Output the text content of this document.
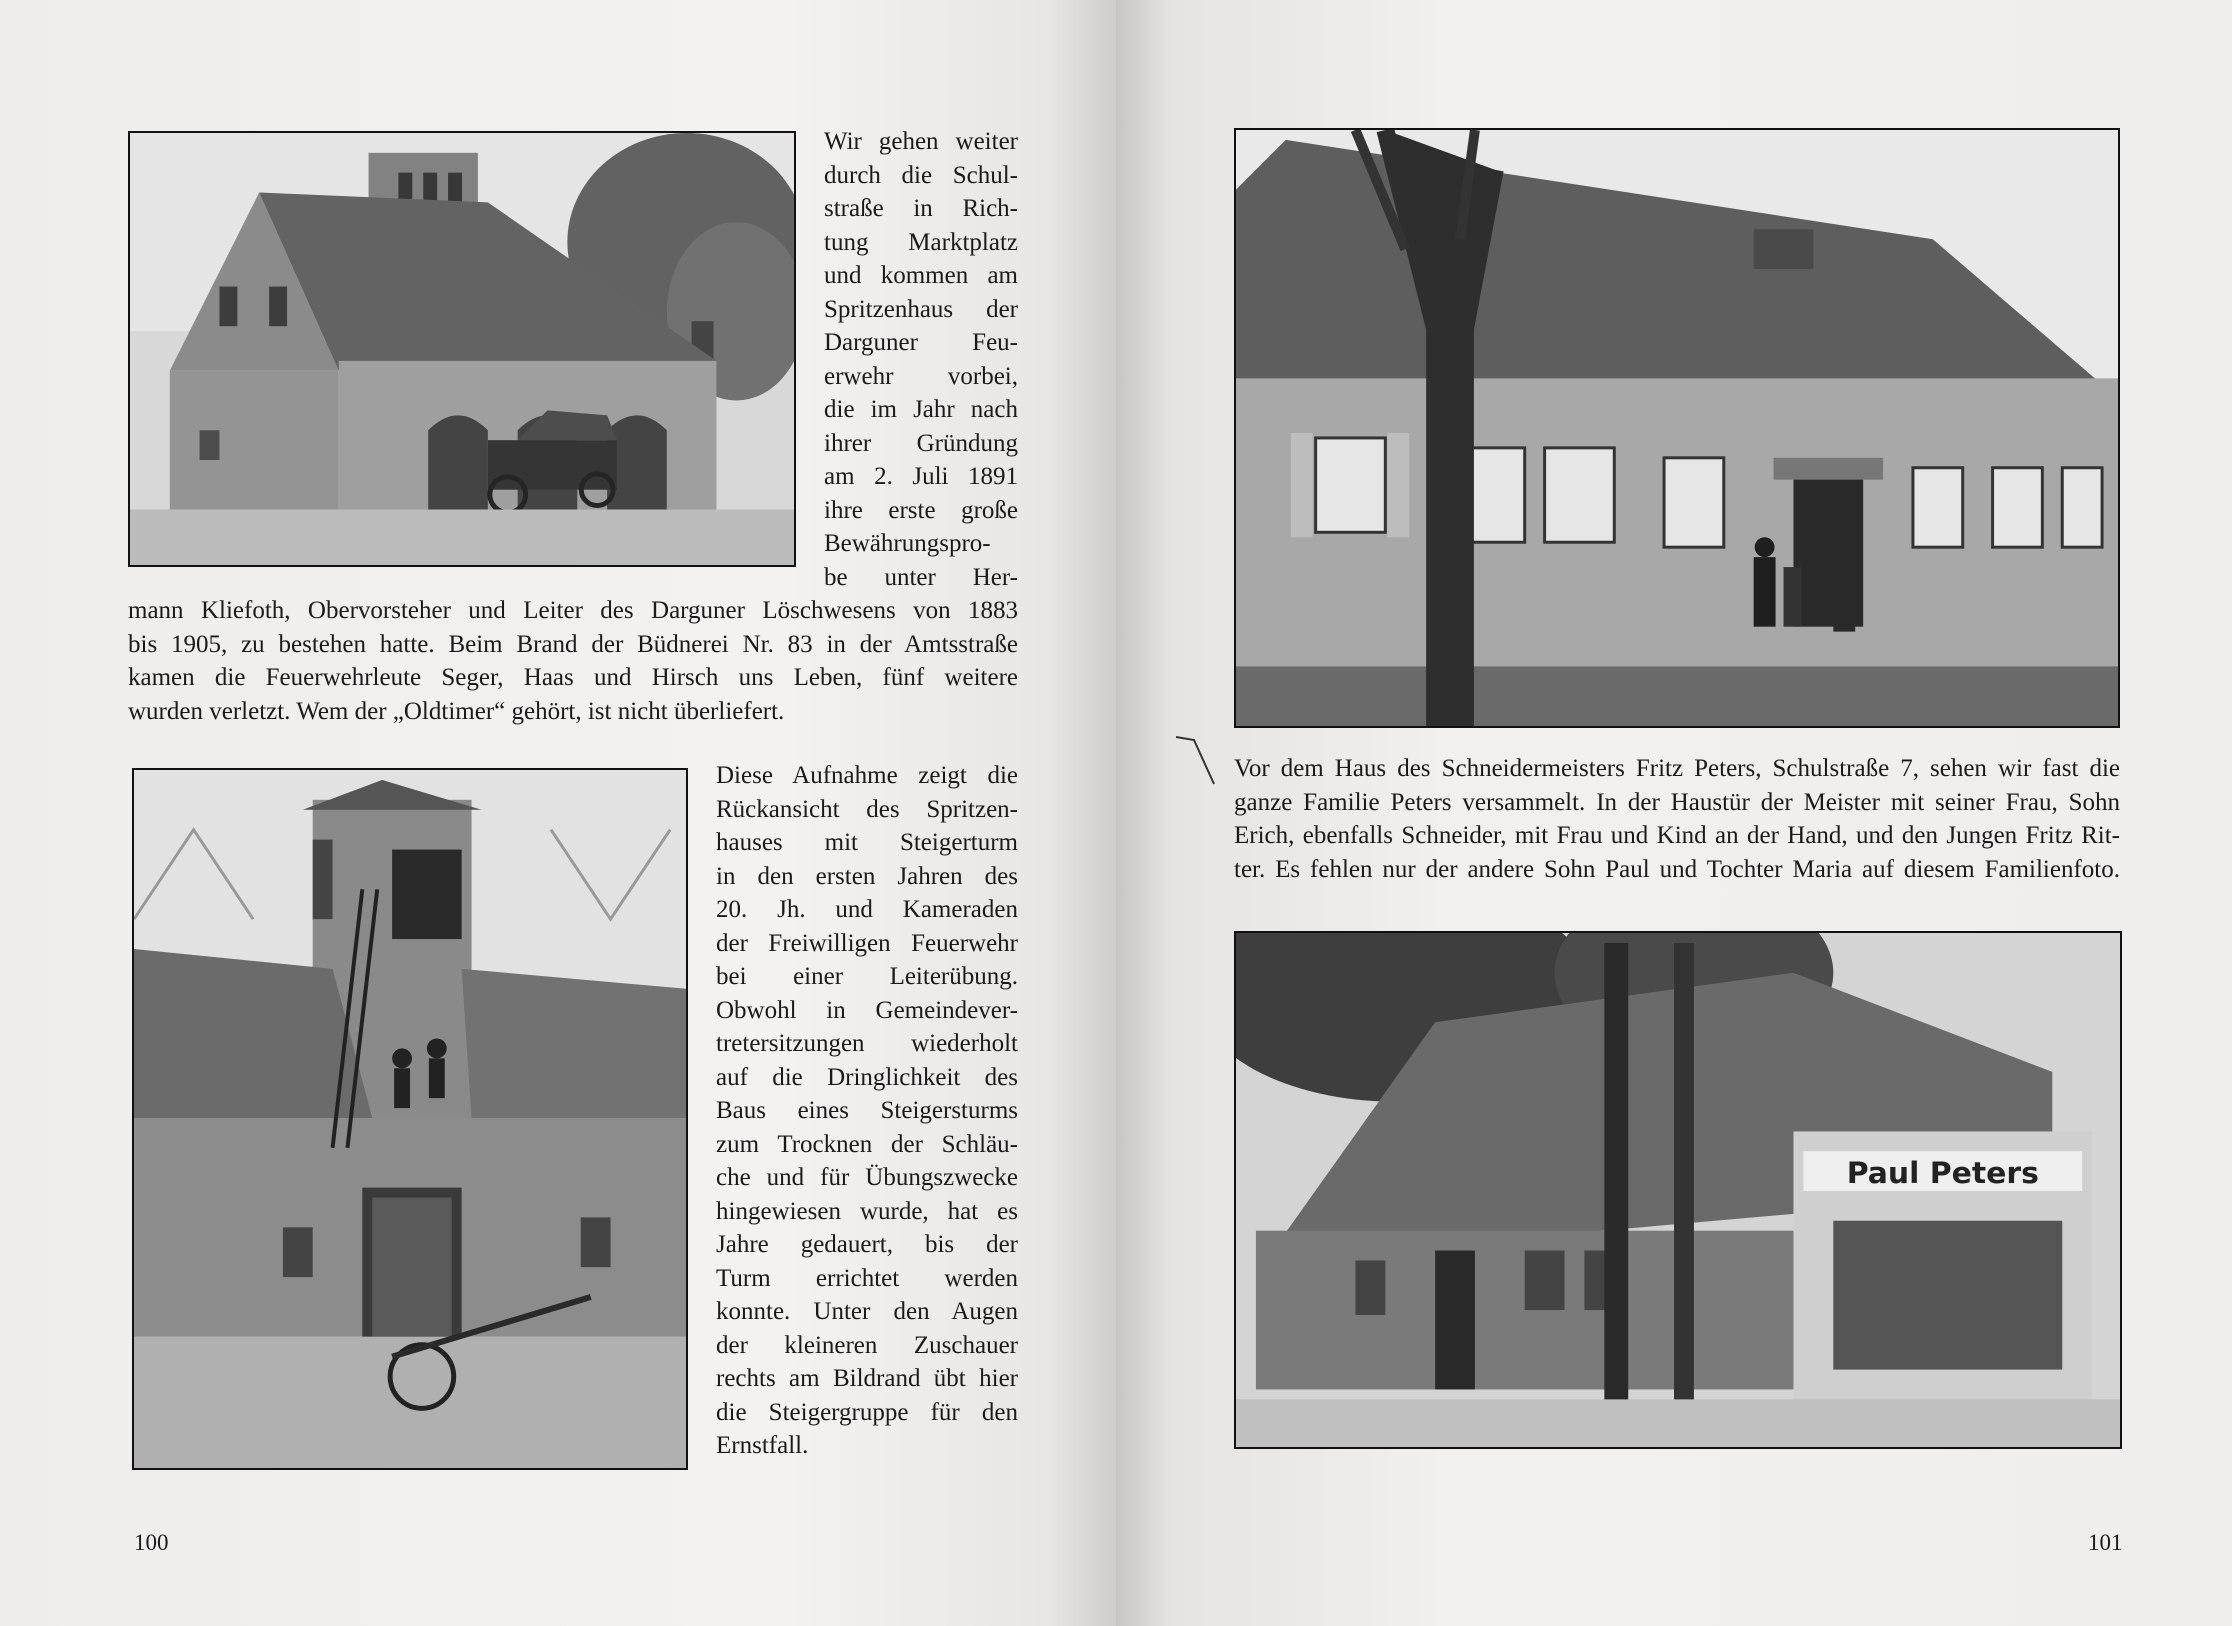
Wir gehen weiter
durch die Schul-
straße in Rich-
tung Marktplatz
und kommen am
Spritzenhaus der
Darguner Feu-
erwehr vorbei,
die im Jahr nach
ihrer Gründung
am 2. Juli 1891
ihre erste große
Bewährungspro-
be unter Her-
mann Kliefoth, Obervorsteher und Leiter des Darguner Löschwesens von 1883
bis 1905, zu bestehen hatte. Beim Brand der Büdnerei Nr. 83 in der Amtsstraße
kamen die Feuerwehrleute Seger, Haas und Hirsch uns Leben, fünf weitere
wurden verletzt. Wem der „Oldtimer“ gehört, ist nicht überliefert.
Diese Aufnahme zeigt die
Rückansicht des Spritzen-
hauses mit Steigerturm
in den ersten Jahren des
20. Jh. und Kameraden
der Freiwilligen Feuerwehr
bei einer Leiterübung.
Obwohl in Gemeindever-
tretersitzungen wiederholt
auf die Dringlichkeit des
Baus eines Steigersturms
zum Trocknen der Schläu-
che und für Übungszwecke
hingewiesen wurde, hat es
Jahre gedauert, bis der
Turm errichtet werden
konnte. Unter den Augen
der kleineren Zuschauer
rechts am Bildrand übt hier
die Steigergruppe für den
Ernstfall.
100
Vor dem Haus des Schneidermeisters Fritz Peters, Schulstraße 7, sehen wir fast die
ganze Familie Peters versammelt. In der Haustür der Meister mit seiner Frau, Sohn
Erich, ebenfalls Schneider, mit Frau und Kind an der Hand, und den Jungen Fritz Rit-
ter. Es fehlen nur der andere Sohn Paul und Tochter Maria auf diesem Familienfoto.
Paul Peters
101
